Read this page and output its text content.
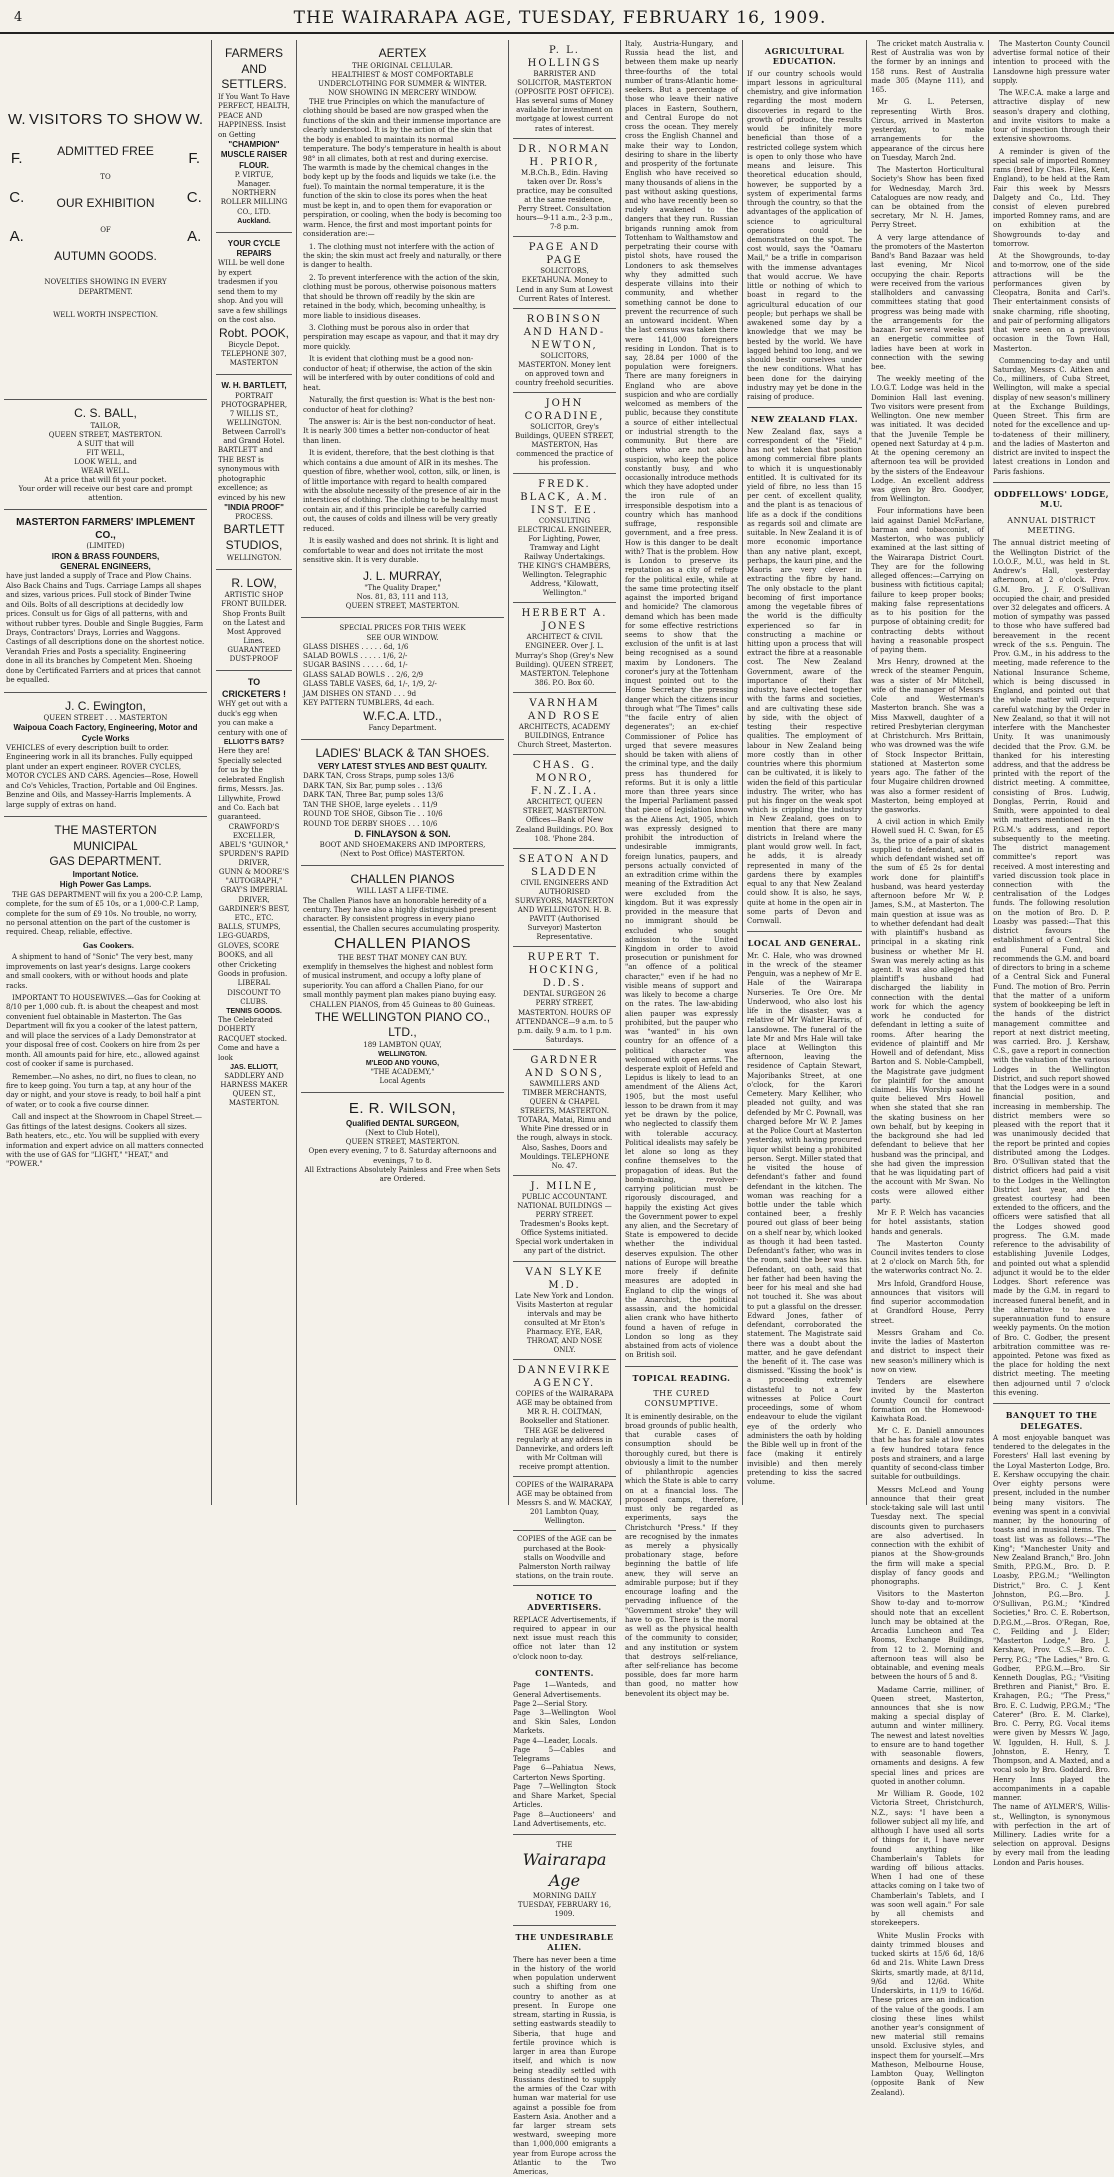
4	THE WAIRARAPA AGE, TUESDAY, FEBRUARY 16, 1909.
W.
F.
C.
A.
W.
F.
C.
A.
VISITORS TO SHOW
ADMITTED FREE
TO
OUR EXHIBITION
OF
AUTUMN GOODS.
NOVELTIES SHOWING IN EVERY DEPARTMENT.
WELL WORTH INSPECTION.
C. S. BALL,
TAILOR,
QUEEN STREET, MASTERTON.
A SUIT that will
FIT WELL,
LOOK WELL, and
WEAR WELL.
At a price that will fit your pocket.
Your order will receive our best care and prompt attention.
MASTERTON FARMERS' IMPLEMENT CO.,
(LIMITED)
IRON & BRASS FOUNDERS,
GENERAL ENGINEERS,
have just landed a supply of Trace and Plow Chains. Also Back Chains and Tugs. Carriage Lamps all shapes and sizes, various prices. Full stock of Binder Twine and Oils. Bolts of all descriptions at decidedly low prices. Consult us for Gigs of all patterns, with and without rubber tyres. Double and Single Buggies, Farm Drays, Contractors' Drays, Lorries and Waggons. Castings of all descriptions done on the shortest notice. Verandah Fries and Posts a speciality. Engineering done in all its branches by Competent Men. Shoeing done by Certificated Farriers and at prices that cannot be equalled.
J. C. Ewington,
QUEEN STREET . . . MASTERTON
Waipoua Coach Factory, Engineering, Motor and Cycle Works
VEHICLES of every description built to order. Engineering work in all its branches. Fully equipped plant under an expert engineer. ROVER CYCLES, MOTOR CYCLES AND CARS. Agencies—Rose, Howell and Co's Vehicles, Traction, Portable and Oil Engines. Benzine and Oils, and Massey-Harris Implements. A large supply of extras on hand.
THE MASTERTON
MUNICIPAL
GAS DEPARTMENT.
Important Notice.
High Power Gas Lamps.

THE GAS DEPARTMENT will fix you a 200-C.P. Lamp, complete, for the sum of £5 10s, or a 1,000-C.P. Lamp, complete for the sum of £9 10s. No trouble, no worry, no personal attention on the part of the customer is required. Cheap, reliable, effective.

Gas Cookers.

A shipment to hand of "Sonic" The very best, many improvements on last year's designs. Large cookers and small cookers, with or without hoods and plate racks.

IMPORTANT TO HOUSEWIVES.—Gas for Cooking at 8/10 per 1,000 cub. ft. is about the cheapest and most convenient fuel obtainable in Masterton. The Gas Department will fix you a cooker of the latest pattern, and will place the services of a Lady Demonstrator at your disposal free of cost. Cookers on hire from 2s per month. All amounts paid for hire, etc., allowed against cost of cooker if same is purchased.

Remember.—No ashes, no dirt, no flues to clean, no fire to keep going. You turn a tap, at any hour of the day or night, and your stove is ready, to boil half a pint of water, or to cook a five course dinner.

Call and inspect at the Showroom in Chapel Street.—Gas fittings of the latest designs. Cookers all sizes. Bath heaters, etc., etc. You will be supplied with every information and expert advice on all matters connected with the use of GAS for "LIGHT," "HEAT," and "POWER."

FARMERS AND
SETTLERS.
If You Want To Have PERFECT, HEALTH, PEACE AND HAPPINESS. Insist on Getting
"CHAMPION" MUSCLE RAISER FLOUR.
P. VIRTUE,
Manager.
NORTHERN ROLLER MILLING CO., LTD.
Auckland.
YOUR CYCLE REPAIRS
WILL be well done by expert tradesmen if you send them to my shop. And you will save a few shillings on the cost also.
Robt. POOK,
Bicycle Depot.
TELEPHONE 307, MASTERTON
W. H. BARTLETT,
PORTRAIT PHOTOGRAPHER,
7 WILLIS ST., WELLINGTON.
Between Carroll's and Grand Hotel.
BARTLETT and THE BEST is synonymous with photographic excellence; as evinced by his new
"INDIA PROOF"
PROCESS.
BARTLETT
STUDIOS,
WELLINGTON.
R. LOW,
ARTISTIC SHOP FRONT BUILDER.
Shop Fronts Built on the Latest and Most Approved Lines.
GUARANTEED DUST-PROOF
TO CRICKETERS !
WHY get out with a duck's egg when you can make a century with one of
ELLIOTT'S BATS?
Here they are! Specially selected for us by the celebrated English firms, Messrs. Jas. Lillywhite, Frowd and Co. Each bat guaranteed.
CRAWFORD'S EXCELLER,
ABEL'S "GUINOR,"
SPURDEN'S RAPID DRIVER,
GUNN & MOORE'S "AUTOGRAPH,"
GRAY'S IMPERIAL DRIVER,
GARDINER'S BEST,
ETC., ETC.
BALLS, STUMPS, LEG-GUARDS, GLOVES, SCORE BOOKS, and all other Cricketing Goods in profusion.
LIBERAL DISCOUNT TO CLUBS.
TENNIS GOODS.
The Celebrated DOHERTY RACQUET stocked. Come and have a look
JAS. ELLIOTT,
SADDLERY AND HARNESS MAKER
QUEEN ST., MASTERTON.
AERTEX
THE ORIGINAL CELLULAR.
HEALTHIEST & MOST COMFORTABLE UNDERCLOTHING FOR SUMMER & WINTER.
NOW SHOWING IN MERCERY WINDOW.

THE true Principles on which the manufacture of clothing should be based are now grasped when the functions of the skin and their immense importance are clearly understood. It is by the action of the skin that the body is enabled to maintain its normal temperature. The body's temperature in health is about 98° in all climates, both at rest and during exercise. The warmth is made by the chemical changes in the body kept up by the foods and liquids we take (i.e. the fuel). To maintain the normal temperature, it is the function of the skin to close its pores when the heat must be kept in, and to open them for evaporation or perspiration, or cooling, when the body is becoming too warm. Hence, the first and most important points for consideration are:—

1. The clothing must not interfere with the action of the skin; the skin must act freely and naturally, or there is danger to health.

2. To prevent interference with the action of the skin, clothing must be porous, otherwise poisonous matters that should be thrown off readily by the skin are retained in the body, which, becoming unhealthy, is more liable to insidious diseases.

3. Clothing must be porous also in order that perspiration may escape as vapour, and that it may dry more quickly.

It is evident that clothing must be a good non-conductor of heat; if otherwise, the action of the skin will be interfered with by outer conditions of cold and heat.

Naturally, the first question is: What is the best non-conductor of heat for clothing?

The answer is: Air is the best non-conductor of heat. It is nearly 300 times a better non-conductor of heat than linen.

It is evident, therefore, that the best clothing is that which contains a due amount of AIR in its meshes. The question of fibre, whether wool, cotton, silk, or linen, is of little importance with regard to health compared with the absolute necessity of the presence of air in the interstices of clothing. The clothing to be healthy must contain air, and if this principle be carefully carried out, the causes of colds and illness will be very greatly reduced.

It is easily washed and does not shrink. It is light and comfortable to wear and does not irritate the most sensitive skin. It is very durable.

J. L. MURRAY,
"The Quality Draper,"
Nos. 81, 83, 111 and 113,
QUEEN STREET, MASTERTON.
SPECIAL PRICES FOR THIS WEEK
SEE OUR WINDOW.
GLASS DISHES . . . . . 6d, 1/6
SALAD BOWLS . . . . . 1/6, 2/-
SUGAR BASINS . . . . . 6d, 1/-
GLASS SALAD BOWLS . . 2/6, 2/9
GLASS TABLE VASES, 6d, 1/-, 1/9, 2/-
JAM DISHES ON STAND . . . 9d
KEY PATTERN TUMBLERS, 4d each.
W.F.C.A. LTD.,
Fancy Department.
LADIES' BLACK & TAN SHOES.
VERY LATEST STYLES AND BEST QUALITY.
DARK TAN, Cross Straps, pump soles 13/6
DARK TAN, Six Bar, pump soles . . 13/6
DARK TAN, Three Bar, pump soles 13/6
TAN THE SHOE, large eyelets . . 11/9
ROUND TOE SHOE, Gibson Tie . . 10/6
ROUND TOE DERBY SHOES . . . 10/6
D. FINLAYSON & SON.
BOOT AND SHOEMAKERS AND IMPORTERS,
(Next to Post Office) MASTERTON.
CHALLEN PIANOS
WILL LAST A LIFE-TIME.
The Challen Pianos have an honorable heredity of a century. They have also a highly distinguished present character. By consistent progress in every piano essential, the Challen secures accumulating prosperity.
CHALLEN PIANOS
THE BEST THAT MONEY CAN BUY.
exemplify in themselves the highest and noblest form of musical instrument, and occupy a lofty plane of superiority. You can afford a Challen Piano, for our small monthly payment plan makes piano buying easy.
CHALLEN PIANOS, from 45 Guineas to 80 Guineas.
THE WELLINGTON PIANO CO., LTD.,
189 LAMBTON QUAY,
WELLINGTON.
M'LEOD AND YOUNG,
"THE ACADEMY,"
Local Agents
E. R. WILSON,
Qualified DENTAL SURGEON,
(Next to Club Hotel),
QUEEN STREET, MASTERTON.
Open every evening, 7 to 8. Saturday afternoons and evenings, 7 to 8.
All Extractions Absolutely Painless and Free when Sets are Ordered.
P. L. HOLLINGS
BARRISTER AND SOLICITOR, MASTERTON (OPPOSITE POST OFFICE). Has several sums of Money available for investment on mortgage at lowest current rates of interest.
DR. NORMAN H. PRIOR,
M.B.Ch.B., Edin. Having taken over Dr. Ross's practice, may be consulted at the same residence, Perry Street. Consultation hours—9-11 a.m., 2-3 p.m., 7-8 p.m.
PAGE AND PAGE
SOLICITORS, EKETAHUNA. Money to Lend in any Sum at Lowest Current Rates of Interest.
ROBINSON AND HAND-NEWTON,
SOLICITORS, MASTERTON. Money lent on approved town and country freehold securities.
JOHN CORADINE,
SOLICITOR, Grey's Buildings, QUEEN STREET, MASTERTON, Has commenced the practice of his profession.
FREDK. BLACK, A.M. INST. EE.
CONSULTING ELECTRICAL ENGINEER, For Lighting, Power, Tramway and Light Railway Undertakings. THE KING'S CHAMBERS, Wellington. Telegraphic Address, "Kilowatt, Wellington."
HERBERT A. JONES
ARCHITECT & CIVIL ENGINEER. Over J. L. Murray's Shop (Grey's New Building). QUEEN STREET, MASTERTON. Telephone 386. P.O. Box 60.
VARNHAM AND ROSE
ARCHITECTS, ACADEMY BUILDINGS, Entrance Church Street, Masterton.
CHAS. G. MONRO, F.N.Z.I.A.
ARCHITECT, QUEEN STREET, MASTERTON. Offices—Bank of New Zealand Buildings. P.O. Box 108. 'Phone 284.
SEATON AND SLADDEN
CIVIL ENGINEERS AND AUTHORISED SURVEYORS, MASTERTON AND WELLINGTON. H. B. PAVITT (Authorised Surveyor) Masterton Representative.
RUPERT T. HOCKING, D.D.S.
DENTAL SURGEON 26 PERRY STREET, MASTERTON. HOURS OF ATTENDANCE—9 a.m. to 5 p.m. daily. 9 a.m. to 1 p.m. Saturdays.
GARDNER AND SONS,
SAWMILLERS AND TIMBER MERCHANTS, QUEEN & CHAPEL STREETS, MASTERTON. TOTARA, Matai, Rimu and White Pine dressed or in the rough, always in stock. Also, Sashes, Doors and Mouldings. TELEPHONE No. 47.
J. MILNE,
PUBLIC ACCOUNTANT. NATIONAL BUILDINGS — PERRY STREET. Tradesmen's Books kept. Office Systems initiated. Special work undertaken in any part of the district.
VAN SLYKE M.D.
Late New York and London. Visits Masterton at regular intervals and may be consulted at Mr Eton's Pharmacy. EYE, EAR, THROAT, AND NOSE ONLY.
DANNEVIRKE AGENCY.
COPIES of the WAIRARAPA AGE may be obtained from MR R. H. COLTMAN, Bookseller and Stationer. THE AGE be delivered regularly at any address in Dannevirke, and orders left with Mr Coltman will receive prompt attention.
COPIES of the WAIRARAPA AGE may be obtained from Messrs S. and W. MACKAY, 201 Lambton Quay, Wellington.
COPIES of the AGE can be purchased at the Book-stalls on Woodville and Palmerston North railway stations, on the train route.
NOTICE TO ADVERTISERS.
REPLACE Advertisements, if required to appear in our next issue must reach this office not later than 12 o'clock noon to-day.
CONTENTS.
Page 1—Wanteds, and General Advertisements.
Page 2—Serial Story.
Page 3—Wellington Wool and Skin Sales, London Markets.
Page 4—Leader, Locals.
Page 5—Cables and Telegrams
Page 6—Pahiatua News, Carterton News Sporting.
Page 7—Wellington Stock and Share Market, Special Articles.
Page 8—Auctioneers' and Land Advertisements, etc.
THE
Wairarapa Age
MORNING DAILY
TUESDAY, FEBRUARY 16, 1909.
THE UNDESIRABLE ALIEN.
There has never been a time in the history of the world when population underwent such a shifting from one country to another as at present. In Europe one stream, starting in Russia, is setting eastwards steadily to Siberia, that huge and fertile province which is larger in area than Europe itself, and which is now being steadily settled with Russians destined to supply the armies of the Czar with human war material for use against a possible foe from Eastern Asia. Another and a far larger stream sets westward, sweeping more than 1,000,000 emigrants a year from Europe across the Atlantic to the Two Americas,
Italy, Austria-Hungary, and Russia head the list, and between them make up nearly three-fourths of the total number of trans-Atlantic home-seekers. But a percentage of those who leave their native places in Eastern, Southern, and Central Europe do not cross the ocean. They merely cross the English Channel and make their way to London, desiring to share in the liberty and prosperity of the fortunate English who have received so many thousands of aliens in the past without asking questions, and who have recently been so rudely awakened to the dangers that they run. Russian brigands running amok from Tottenham to Walthamstow and perpetrating their course with pistol shots, have roused the Londoners to ask themselves why they admitted such desperate villains into their community, and whether something cannot be done to prevent the recurrence of such an untoward incident. When the last census was taken there were 141,000 foreigners residing in London. That is to say, 28.84 per 1000 of the population were foreigners. There are many foreigners in England who are above suspicion and who are cordially welcomed as members of the public, because they constitute a source of either intellectual or industrial strength to the community. But there are others who are not above suspicion, who keep the police constantly busy, and who occasionally introduce methods which they have adopted under the iron rule of an irresponsible despotism into a country which has manhood suffrage, responsible government, and a free press. How is this danger to be dealt with? That is the problem. How is London to preserve its reputation as a city of refuge for the political exile, while at the same time protecting itself against the imported brigand and homicide? The clamorous demand which has been made for some effective restrictions seems to show that the exclusion of the unfit is at last being recognised as a sound maxim by Londoners. The coroner's jury at the Tottenham inquest pointed out to the Home Secretary the pressing danger which the citizens incur through what "The Times" calls "the facile entry of alien degenerates"; an ex-chief Commissioner of Police has urged that severe measures should be taken with aliens of the criminal type, and the daily press has thundered for reforms. But it is only a little more than three years since the Imperial Parliament passed that piece of legislation known as the Aliens Act, 1905, which was expressly designed to prohibit the introduction of undesirable immigrants, foreign lunatics, paupers, and persons actually convicted of an extradition crime within the meaning of the Extradition Act were excluded from the kingdom. But it was expressly provided in the measure that no immigrant should be excluded who sought admission to the United Kingdom in order to avoid prosecution or punishment for "an offence of a political character," even if he had no visible means of support and was likely to become a charge on the rates. The law-abiding alien pauper was expressly prohibited, but the pauper who was "wanted" in his own country for an offence of a political character was welcomed with open arms. The desperate exploit of Hefeld and Lepidus is likely to lead to an amendment of the Aliens Act, 1905, but the most useful lesson to be drawn from it may yet be drawn by the police, who neglected to classify them with tolerable accuracy. Political idealists may safely be let alone so long as they confine themselves to the propagation of ideas. But the bomb-making, revolver-carrying politician must be rigorously discouraged, and happily the existing Act gives the Government power to expel any alien, and the Secretary of State is empowered to decide whether the individual deserves expulsion. The other nations of Europe will breathe more freely if definite measures are adopted in England to clip the wings of the Anarchist, the political assassin, and the homicidal alien crank who have hitherto found a haven of refuge in London so long as they abstained from acts of violence on British soil.
TOPICAL READING.
THE CURED CONSUMPTIVE.
It is eminently desirable, on the broad grounds of public health, that curable cases of consumption should be thoroughly cured, but there is obviously a limit to the number of philanthropic agencies which the State is able to carry on at a financial loss. The proposed camps, therefore, must only be regarded as experiments, says the Christchurch "Press." If they are recognised by the inmates as merely a physically probationary stage, before beginning the battle of life anew, they will serve an admirable purpose; but if they encourage loafing and the pervading influence of the "Government stroke" they will have to go. There is the moral as well as the physical health of the community to consider, and any institution or system that destroys self-reliance, after self-reliance has become possible, does far more harm than good, no matter how benevolent its object may be.
AGRICULTURAL EDUCATION.
If our country schools would impart lessons in agricultural chemistry, and give information regarding the most modern discoveries in regard to the growth of produce, the results would be infinitely more beneficial than those of a restricted college system which is open to only those who have means and leisure. This theoretical education should, however, be supported by a system of experimental farms through the country, so that the advantages of the application of science to agricultural operations could be demonstrated on the spot. The cost would, says the "Oamaru Mail," be a trifle in comparison with the immense advantages that would accrue. We have little or nothing of which to boast in regard to the agricultural education of our people; but perhaps we shall be awakened some day by a knowledge that we may be bested by the world. We have lagged behind too long, and we should bestir ourselves under the new conditions. What has been done for the dairying industry may yet be done in the raising of produce.
NEW ZEALAND FLAX.
New Zealand flax, says a correspondent of the "Field," has not yet taken that position among commercial fibre plants to which it is unquestionably entitled. It is cultivated for its yield of fibre, no less than 15 per cent. of excellent quality, and the plant is as tenacious of life as a dock if the conditions as regards soil and climate are suitable. In New Zealand it is of more economic importance than any native plant, except, perhaps, the kauri pine, and the Maoris are very clever in extracting the fibre by hand. The only obstacle to the plant becoming of first importance among the vegetable fibres of the world is the difficulty experienced so far in constructing a machine or hitting upon a process that will extract the fibre at a reasonable cost. The New Zealand Government, aware of the importance of their flax industry, have elected together with the farms and societies, and are cultivating these side by side, with the object of testing their respective qualities. The employment of labour in New Zealand being more costly than in other countries where this phormium can be cultivated, it is likely to widen the field of this particular industry. The writer, who has put his finger on the weak spot which is crippling the industry in New Zealand, goes on to mention that there are many districts in Ireland where the plant would grow well. In fact, he adds, it is already represented in many of the gardens there by examples equal to any that New Zealand could show. It is also, he says, quite at home in the open air in some parts of Devon and Cornwall.
LOCAL AND GENERAL.
Mr. C. Hale, who was drowned in the wreck of the steamer Penguin, was a nephew of Mr E. Hale of the Wairarapa Nurseries. Te Ore Ore. Mr Underwood, who also lost his life in the disaster, was a relative of Mr Walter Harris, of Lansdowne. The funeral of the late Mr and Mrs Hale will take place at Wellington this afternoon, leaving the residence of Captain Stewart, Majoribanks Street, at one o'clock, for the Karori Cemetery. Mary Kelliher, who pleaded not guilty, and was defended by Mr C. Pownall, was charged before Mr W. P. James at the Police Court at Masterton yesterday, with having procured liquor whilst being a prohibited person. Sergt. Miller stated that he visited the house of defendant's father and found defendant in the kitchen. The woman was reaching for a bottle under the table which contained beer, a freshly poured out glass of beer being on a shelf near by, which looked as though it had been tasted. Defendant's father, who was in the room, said the beer was his. Defendant, on oath, said that her father had been having the beer for his meal and she had not touched it. She was about to put a glassful on the dresser. Edward Jones, father of defendant, corroborated the statement. The Magistrate said there was a doubt about the matter, and he gave defendant the benefit of it. The case was dismissed. "Kissing the book" is a proceeding extremely distasteful to not a few witnesses at Police Court proceedings, some of whom endeavour to elude the vigilant eye of the orderly who administers the oath by holding the Bible well up in front of the face (making it entirely invisible) and then merely pretending to kiss the sacred volume.

The cricket match Australia v. Rest of Australia was won by the former by an innings and 158 runs. Rest of Australia made 305 (Mayne 111), and 165.

Mr G. L. Petersen, representing Wirth Bros. Circus, arrived in Masterton yesterday, to make arrangements for the appearance of the circus here on Tuesday, March 2nd.

The Masterton Horticultural Society's Show has been fixed for Wednesday, March 3rd. Catalogues are now ready, and can be obtained from the secretary, Mr N. H. James, Perry Street.

A very large attendance of the promoters of the Masterton Band's Band Bazaar was held last evening, Mr Nicol occupying the chair. Reports were received from the various stallholders and canvassing committees stating that good progress was being made with the arrangements for the bazaar. For several weeks past an energetic committee of ladies have been at work in connection with the sewing bee.

The weekly meeting of the I.O.G.T. Lodge was held in the Dominion Hall last evening. Two visitors were present from Wellington. One new member was initiated. It was decided that the Juvenile Temple be opened next Saturday at 4 p.m. At the opening ceremony an afternoon tea will be provided by the sisters of the Endeavour Lodge. An excellent address was given by Bro. Goodyer, from Wellington.

Four informations have been laid against Daniel McFarlane, barman and tobacconist, of Masterton, who was publicly examined at the last sitting of the Wairarapa District Court. They are for the following alleged offences:—Carrying on business with fictitious capital; failure to keep proper books; making false representations as to his position for the purpose of obtaining credit; for contracting debts without having a reasonable prospect of paying them.

Mrs Henry, drowned at the wreck of the steamer Penguin, was a sister of Mr Mitchell, wife of the manager of Messrs Cole and Westerman's Masterton branch. She was a Miss Maxwell, daughter of a retired Presbyterian clergyman at Christchurch. Mrs Brittain, who was drowned was the wife of Stock Inspector Brittain, stationed at Masterton some years ago. The father of the four Mugaire children drowned was also a former resident of Masterton, being employed at the gasworks.

A civil action in which Emily Howell sued H. C. Swan, for £5 3s, the price of a pair of skates supplied to defendant, and in which defendant wished set off the sum of £5 2s for dental work done for plaintiff's husband, was heard yesterday afternoon before Mr W. P. James, S.M., at Masterton. The main question at issue was as to whether defendant had dealt with plaintiff's husband as principal in a skating rink business or whether Mr H. Swan was merely acting as his agent. It was also alleged that plaintiff's husband had discharged the liability in connection with the dental work for which the agency work he conducted for defendant in letting a suite of rooms. After hearing the evidence of plaintiff and Mr Howell and of defendant, Miss Barton and S. Noble-Campbell, the Magistrate gave judgment for plaintiff for the amount claimed. His Worship said he quite believed Mrs Howell when she stated that she ran the skating business on her own behalf, but by keeping in the background she had led defendant to believe that her husband was the principal, and she had given the impression that he was liquidating part of the account with Mr Swan. No costs were allowed either party.

Mr F. P. Welch has vacancies for hotel assistants, station hands and generals.

The Masterton County Council invites tenders to close at 2 o'clock on March 5th, for the waterworks contract No. 2.

Mrs Infold, Grandford House, announces that visitors will find superior accommodation at Grandford House, Perry street.

Messrs Graham and Co. invite the ladies of Masterton and district to inspect their new season's millinery which is now on view.

Tenders are elsewhere invited by the Masterton County Council for contract formation on the Homewood-Kaiwhata Road.

Mr C. E. Daniell announces that he has for sale at low rates a few hundred totara fence posts and strainers, and a large quantity of second-class timber suitable for outbuildings.

Messrs McLeod and Young announce that their great stock-taking sale will last until Tuesday next. The special discounts given to purchasers are also advertised. In connection with the exhibit of pianos at the Show-grounds the firm will make a special display of fancy goods and phonographs.

Visitors to the Masterton Show to-day and to-morrow should note that an excellent lunch may be obtained at the Arcadia Luncheon and Tea Rooms, Exchange Buildings, from 12 to 2. Morning and afternoon teas will also be obtainable, and evening meals between the hours of 5 and 8.

Madame Carrie, milliner, of Queen street, Masterton, announces that she is now making a special display of autumn and winter millinery. The newest and latest novelties to ensure are to hand together with seasonable flowers, ornaments and designs. A few special lines and prices are quoted in another column.

Mr William R. Goode, 102 Victoria Street, Christchurch, N.Z., says: "I have been a follower subject all my life, and although I have used all sorts of things for it, I have never found anything like Chamberlain's Tablets for warding off bilious attacks. When I had one of these attacks coming on I take two of Chamberlain's Tablets, and I was soon well again." For sale by all chemists and storekeepers.

White Muslin Frocks with dainty trimmed blouses and tucked skirts at 15/6 6d, 18/6 6d and 21s. White Lawn Dress Skirts, smartly made, at 8/11d, 9/6d and 12/6d. White Underskirts, in 11/9 to 16/6d. These prices are an indication of the value of the goods. I am closing these lines whilst another year's consignment of new material still remains unsold. Exclusive styles, and inspect them for yourself.—Mrs Matheson, Melbourne House, Lambton Quay, Wellington (opposite Bank of New Zealand).

The Masterton County Council advertise formal notice of their intention to proceed with the Lansdowne high pressure water supply.

The W.F.C.A. make a large and attractive display of new season's drapery and clothing, and invite visitors to make a tour of inspection through their extensive showrooms.

A reminder is given of the special sale of imported Romney rams (bred by Chas. Files, Kent, England), to be held at the Ram Fair this week by Messrs Dalgety and Co., Ltd. They consist of eleven purebred imported Romney rams, and are on exhibition at the Showgrounds to-day and tomorrow.

At the Showgrounds, to-day and to-morrow, one of the side attractions will be the performances given by Cleopatra, Bonita and Carl's. Their entertainment consists of snake charming, rifle shooting, and pair of performing alligators that were seen on a previous occasion in the Town Hall, Masterton.

Commencing to-day and until Saturday, Messrs C. Aitken and Co., milliners, of Cuba Street, Wellington, will make a special display of new season's millinery at the Exchange Buildings, Queen Street. This firm are noted for the excellence and up-to-dateness of their millinery, and the ladies of Masterton and district are invited to inspect the latest creations in London and Paris fashions.

ODDFELLOWS' LODGE, M.U.
ANNUAL DISTRICT MEETING.
The annual district meeting of the Wellington District of the I.O.O.F., M.U., was held in St. Andrew's Hall, yesterday afternoon, at 2 o'clock. Prov. G.M. Bro. J. F. O'Sullivan occupied the chair, and presided over 32 delegates and officers. A motion of sympathy was passed to those who have suffered bad bereavement in the recent wreck of the s.s. Penguin. The Prov. G.M., in his address to the meeting, made reference to the National Insurance Scheme, which is being discussed in England, and pointed out that the whole matter will require careful watching by the Order in New Zealand, so that it will not interfere with the Manchester Unity. It was unanimously decided that the Prov. G.M. be thanked for his interesting address, and that the address be printed with the report of the district meeting. A committee, consisting of Bros. Ludwig, Donglas, Perrin, Rouid and Smith, were appointed to deal with matters mentioned in the P.G.M.'s address, and report subsequently to the meeting. The district management committee's report was received. A most interesting and varied discussion took place in connection with the centralisation of the Lodges funds. The following resolution on the motion of Bro. D. P. Loasby was passed:—That this district favours the establishment of a Central Sick and Funeral Fund, and recommends the G.M. and board of directors to bring in a scheme of a Central Sick and Funeral Fund. The motion of Bro. Perrin that the matter of a uniform system of bookkeeping be left in the hands of the district management committee and report at next district meeting, was carried. Bro. J. Kershaw, C.S., gave a report in connection with the valuation of the various Lodges in the Wellington District, and such report showed that the Lodges were in a sound financial position, and increasing in membership. The district members were so pleased with the report that it was unanimously decided that the report be printed and copies distributed among the Lodges. Bro. O'Sullivan stated that the district officers had paid a visit to the Lodges in the Wellington District last year, and the greatest courtesy had been extended to the officers, and the officers were satisfied that all the Lodges showed good progress. The G.M. made reference to the advisability of establishing Juvenile Lodges, and pointed out what a splendid adjunct it would be to the elder Lodges. Short reference was made by the G.M. in regard to increased funeral benefit, and in the alternative to have a superannuation fund to ensure weekly payments. On the motion of Bro. C. Godber, the present arbitration committee was re-appointed. Petone was fixed as the place for holding the next district meeting. The meeting then adjourned until 7 o'clock this evening.
BANQUET TO THE DELEGATES.
A most enjoyable banquet was tendered to the delegates in the Foresters' Hall last evening by the Loyal Masterton Lodge, Bro. E. Kershaw occupying the chair. Over eighty persons were present, included in the number being many visitors. The evening was spent in a convivial manner, by the honouring of toasts and in musical items. The toast list was as follows:—"The King"; "Manchester Unity and New Zealand Branch," Bro. John Smith, P.P.G.M., Bro. D. P. Loasby, P.P.G.M.; "Wellington District," Bro. C. J. Kent Johnston, P.G.—Bro. J. O'Sullivan, P.G.M.; "Kindred Societies," Bro. C. E. Robertson, D.P.G.M.,—Bros. O'Regan, Roe, C. Feilding and J. Elder; "Masterton Lodge," Bro. J. Kershaw, Prov. C.S.—Bro. C. Perry, P.G.; "The Ladies," Bro. G. Godber, P.P.G.M.—Bro. Sir Kenneth Douglas, P.G.; "Visiting Brethren and Pianist," Bro. E. Krahagen, P.G.; "The Press," Bro. E. C. Ludwig, P.P.G.M.; "The Caterer" (Bro. E. M. Clarke), Bro. C. Perry, P.G. Vocal items were given by Messrs W. Jago, W. Iggulden, H. Hull, S. J. Johnston, E. Henry, T. Thompson, and A. Maxted, and a vocal solo by Bro. Goddard. Bro. Henry Inns played the accompaniments in a capable manner.
The name of AYLMER'S, Willis-st., Wellington, is synonymous with perfection in the art of Millinery. Ladies write for a selection on approval. Designs by every mail from the leading London and Paris houses.
